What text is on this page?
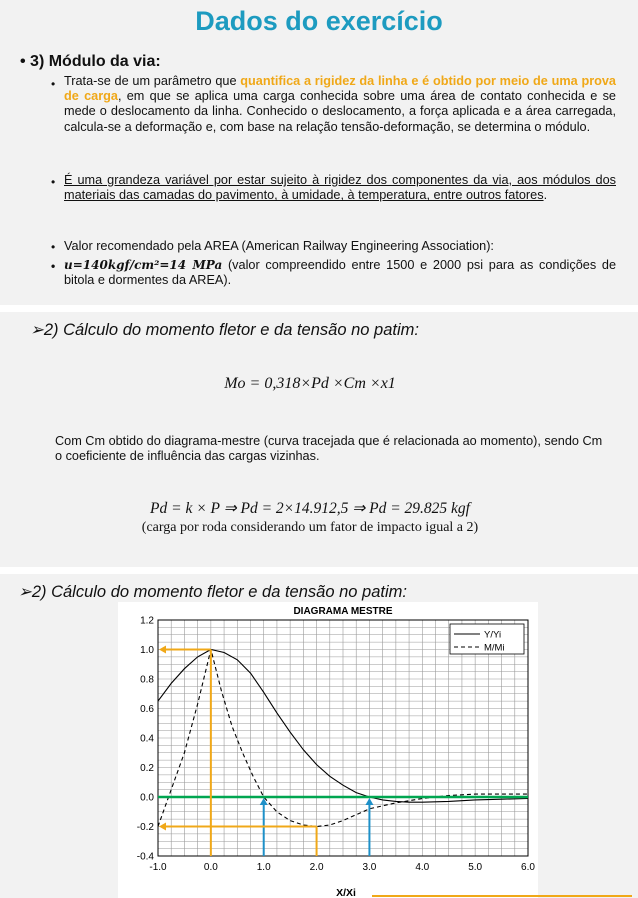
Dados do exercício
• 3) Módulo da via:
• Trata-se de um parâmetro que quantifica a rigidez da linha e é obtido por meio de uma prova de carga, em que se aplica uma carga conhecida sobre uma área de contato conhecida e se mede o deslocamento da linha. Conhecido o deslocamento, a força aplicada e a área carregada, calcula-se a deformação e, com base na relação tensão-deformação, se determina o módulo.
• É uma grandeza variável por estar sujeito à rigidez dos componentes da via, aos módulos dos materiais das camadas do pavimento, à umidade, à temperatura, entre outros fatores.
• Valor recomendado pela AREA (American Railway Engineering Association):
• u=140kgf/cm²=14 MPa (valor compreendido entre 1500 e 2000 psi para as condições de bitola e dormentes da AREA).
➢2) Cálculo do momento fletor e da tensão no patim:
Mo = 0,318×Pd ×Cm ×x1
Com Cm obtido do diagrama-mestre (curva tracejada que é relacionada ao momento), sendo Cm o coeficiente de influência das cargas vizinhas.
Pd = k × P ⇒ Pd = 2×14.912,5 ⇒ Pd = 29.825 kgf
(carga por roda considerando um fator de impacto igual a 2)
➢2) Cálculo do momento fletor e da tensão no patim:
DIAGRAMA MESTRE
-1.0	0.0	1.0	2.0	3.0	4.0	5.0	6.0
1.2
1.0
0.8
0.6
0.4
0.2
0.0
-0.2
-0.4
Y/Yi
M/Mi
X/Xi
